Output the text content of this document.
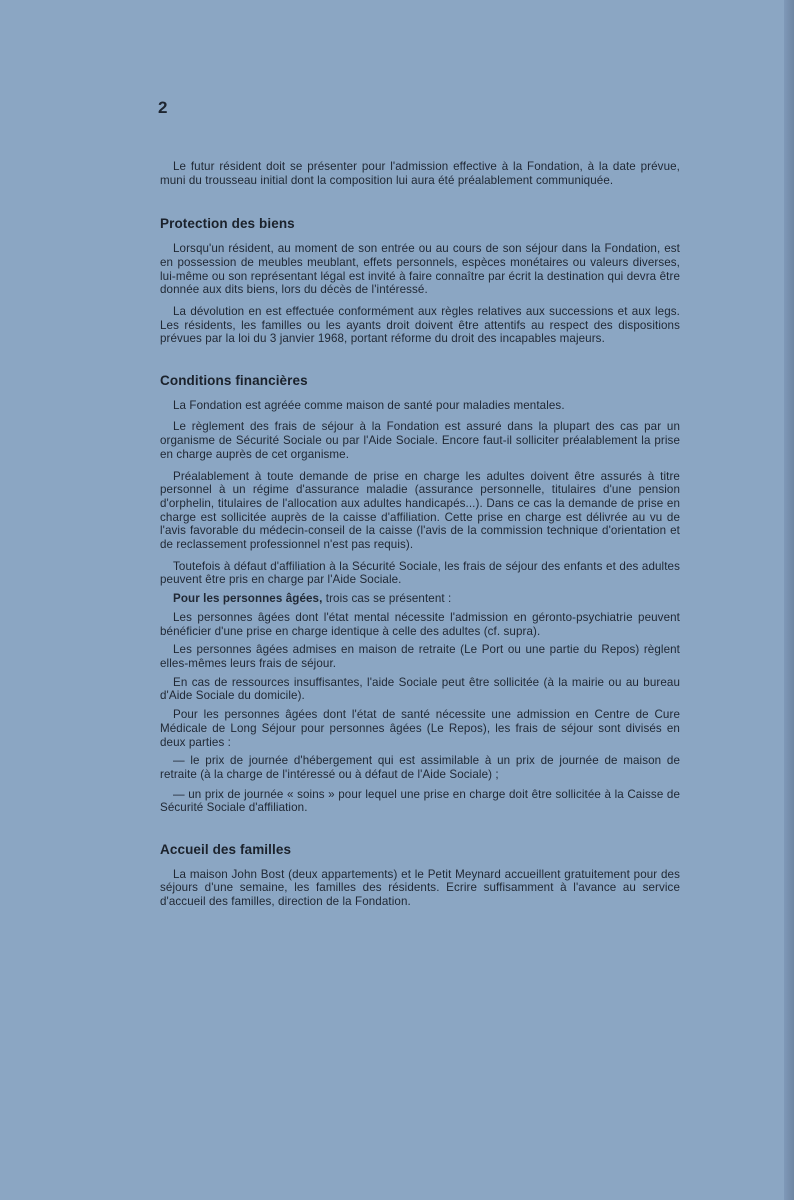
2

Le futur résident doit se présenter pour l'admission effective à la Fondation, à la date prévue, muni du trousseau initial dont la composition lui aura été préalablement communiquée.

Protection des biens

Lorsqu'un résident, au moment de son entrée ou au cours de son séjour dans la Fondation, est en possession de meubles meublant, effets personnels, espèces monétaires ou valeurs diverses, lui-même ou son représentant légal est invité à faire connaître par écrit la destination qui devra être donnée aux dits biens, lors du décès de l'intéressé.

La dévolution en est effectuée conformément aux règles relatives aux successions et aux legs. Les résidents, les familles ou les ayants droit doivent être attentifs au respect des dispositions prévues par la loi du 3 janvier 1968, portant réforme du droit des incapables majeurs.

Conditions financières

La Fondation est agréée comme maison de santé pour maladies mentales.

Le règlement des frais de séjour à la Fondation est assuré dans la plupart des cas par un organisme de Sécurité Sociale ou par l'Aide Sociale. Encore faut-il solliciter préalablement la prise en charge auprès de cet organisme.

Préalablement à toute demande de prise en charge les adultes doivent être assurés à titre personnel à un régime d'assurance maladie (assurance personnelle, titulaires d'une pension d'orphelin, titulaires de l'allocation aux adultes handicapés...). Dans ce cas la demande de prise en charge est sollicitée auprès de la caisse d'affiliation. Cette prise en charge est délivrée au vu de l'avis favorable du médecin-conseil de la caisse (l'avis de la commission technique d'orientation et de reclassement professionnel n'est pas requis).

Toutefois à défaut d'affiliation à la Sécurité Sociale, les frais de séjour des enfants et des adultes peuvent être pris en charge par l'Aide Sociale.

Pour les personnes âgées, trois cas se présentent :

Les personnes âgées dont l'état mental nécessite l'admission en géronto-psychiatrie peuvent bénéficier d'une prise en charge identique à celle des adultes (cf. supra).

Les personnes âgées admises en maison de retraite (Le Port ou une partie du Repos) règlent elles-mêmes leurs frais de séjour.

En cas de ressources insuffisantes, l'aide Sociale peut être sollicitée (à la mairie ou au bureau d'Aide Sociale du domicile).

Pour les personnes âgées dont l'état de santé nécessite une admission en Centre de Cure Médicale de Long Séjour pour personnes âgées (Le Repos), les frais de séjour sont divisés en deux parties :

— le prix de journée d'hébergement qui est assimilable à un prix de journée de maison de retraite (à la charge de l'intéressé ou à défaut de l'Aide Sociale) ;

— un prix de journée « soins » pour lequel une prise en charge doit être sollicitée à la Caisse de Sécurité Sociale d'affiliation.

Accueil des familles

La maison John Bost (deux appartements) et le Petit Meynard accueillent gratuitement pour des séjours d'une semaine, les familles des résidents. Ecrire suffisamment à l'avance au service d'accueil des familles, direction de la Fondation.
